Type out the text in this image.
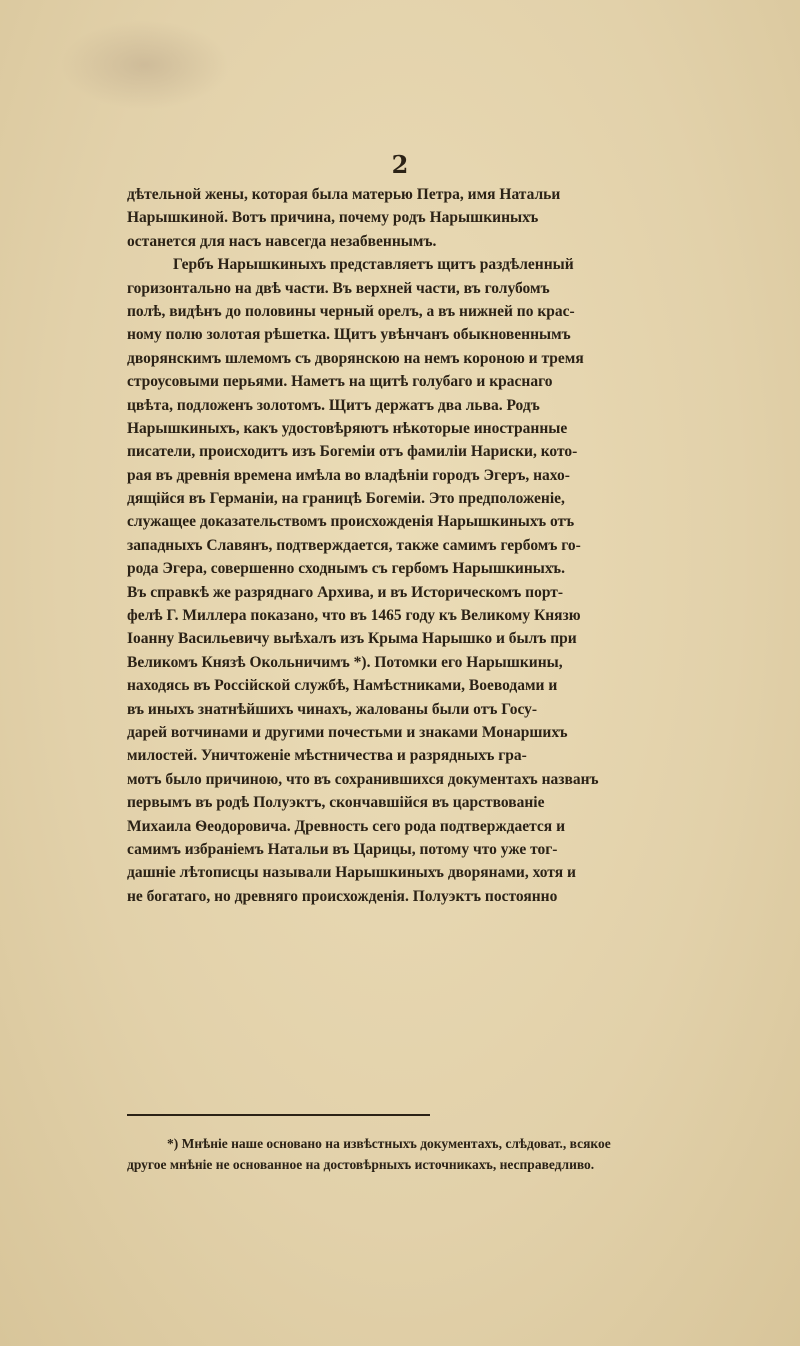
2
дѣтельной жены, которая была матерью Петра, имя Натальи
Нарышкиной. Вотъ причина, почему родъ Нарышкиныхъ
останется для насъ навсегда незабвеннымъ.
Гербъ Нарышкиныхъ представляетъ щитъ раздѣленный
горизонтально на двѣ части. Въ верхней части, въ голубомъ
полѣ, видѣнъ до половины черный орелъ, а въ нижней по крас-
ному полю золотая рѣшетка. Щитъ увѣнчанъ обыкновеннымъ
дворянскимъ шлемомъ съ дворянскою на немъ короною и тремя
строусовыми перьями. Наметъ на щитѣ голубаго и краснаго
цвѣта, подложенъ золотомъ. Щитъ держатъ два льва. Родъ
Нарышкиныхъ, какъ удостовѣряютъ нѣкоторые иностранные
писатели, происходитъ изъ Богеміи отъ фамиліи Нариски, кото-
рая въ древнія времена имѣла во владѣніи городъ Эгеръ, нахо-
дящійся въ Германіи, на границѣ Богеміи. Это предположеніе,
служащее доказательствомъ происхожденія Нарышкиныхъ отъ
западныхъ Славянъ, подтверждается, также самимъ гербомъ го-
рода Эгера, совершенно сходнымъ съ гербомъ Нарышкиныхъ.
Въ справкѣ же разряднаго Архива, и въ Историческомъ порт-
фелѣ Г. Миллера показано, что въ 1465 году къ Великому Князю
Іоанну Васильевичу выѣхалъ изъ Крыма Нарышко и былъ при
Великомъ Князѣ Окольничимъ *). Потомки его Нарышкины,
находясь въ Россійской службѣ, Намѣстниками, Воеводами и
въ иныхъ знатнѣйшихъ чинахъ, жалованы были отъ Госу-
дарей вотчинами и другими почестьми и знаками Монаршихъ
милостей. Уничтоженіе мѣстничества и разрядныхъ гра-
мотъ было причиною, что въ сохранившихся документахъ названъ
первымъ въ родѣ Полуэктъ, скончавшійся въ царствованіе
Михаила Ѳеодоровича. Древность сего рода подтверждается и
самимъ избраніемъ Натальи въ Царицы, потому что уже тог-
дашніе лѣтописцы называли Нарышкиныхъ дворянами, хотя и
не богатаго, но древняго происхожденія. Полуэктъ постоянно
*) Мнѣніе наше основано на извѣстныхъ документахъ, слѣдоват., всякое
другое мнѣніе не основанное на достовѣрныхъ источникахъ, несправедливо.
